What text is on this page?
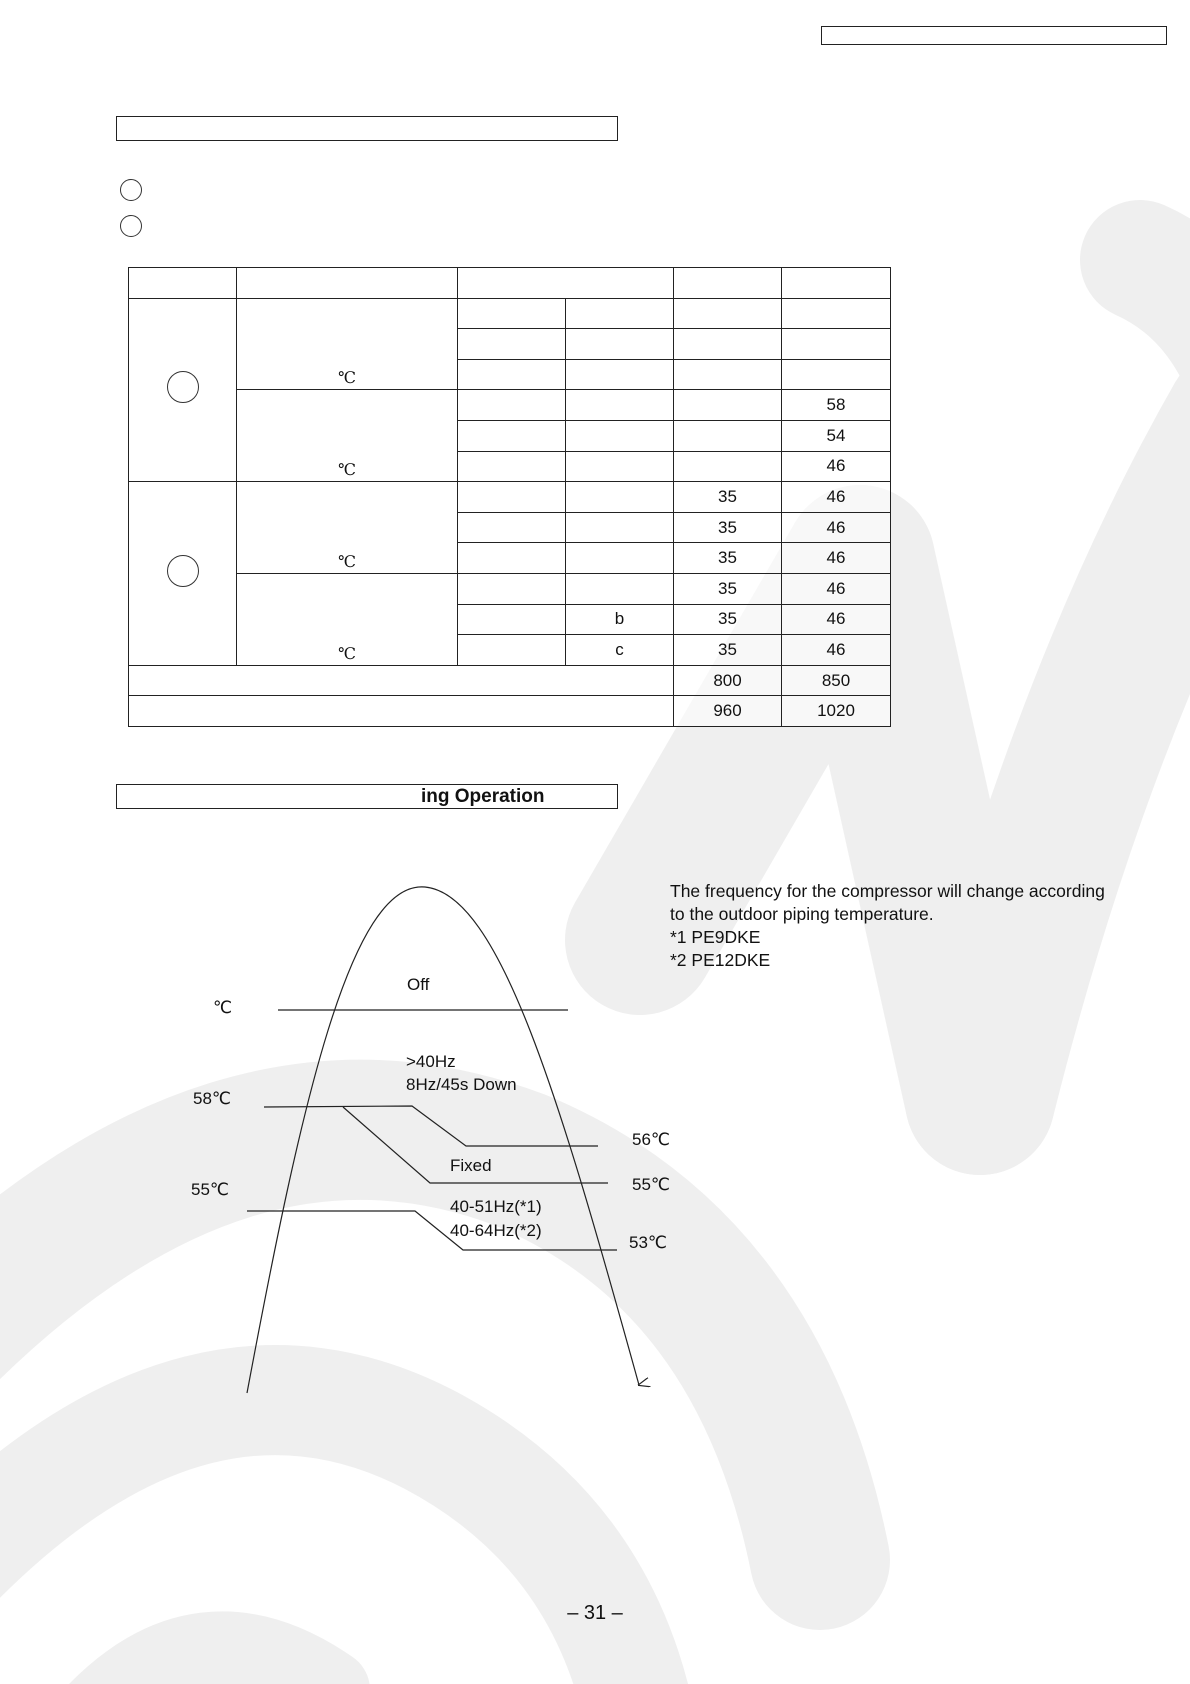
	℃				

	℃				58
					54
					46

	℃			35	46
				35	46
				35	46

	℃			35	46
			b	35	46
			c	35	46
				800	850
				960	1020
ing Operation
Off
>40Hz
8Hz/45s Down
Fixed
40-51Hz(*1)
40-64Hz(*2)
℃
58℃
55℃
56℃
55℃
53℃
The frequency for the compressor will change according
to the outdoor piping temperature.
*1 PE9DKE
*2 PE12DKE
– 31 –
